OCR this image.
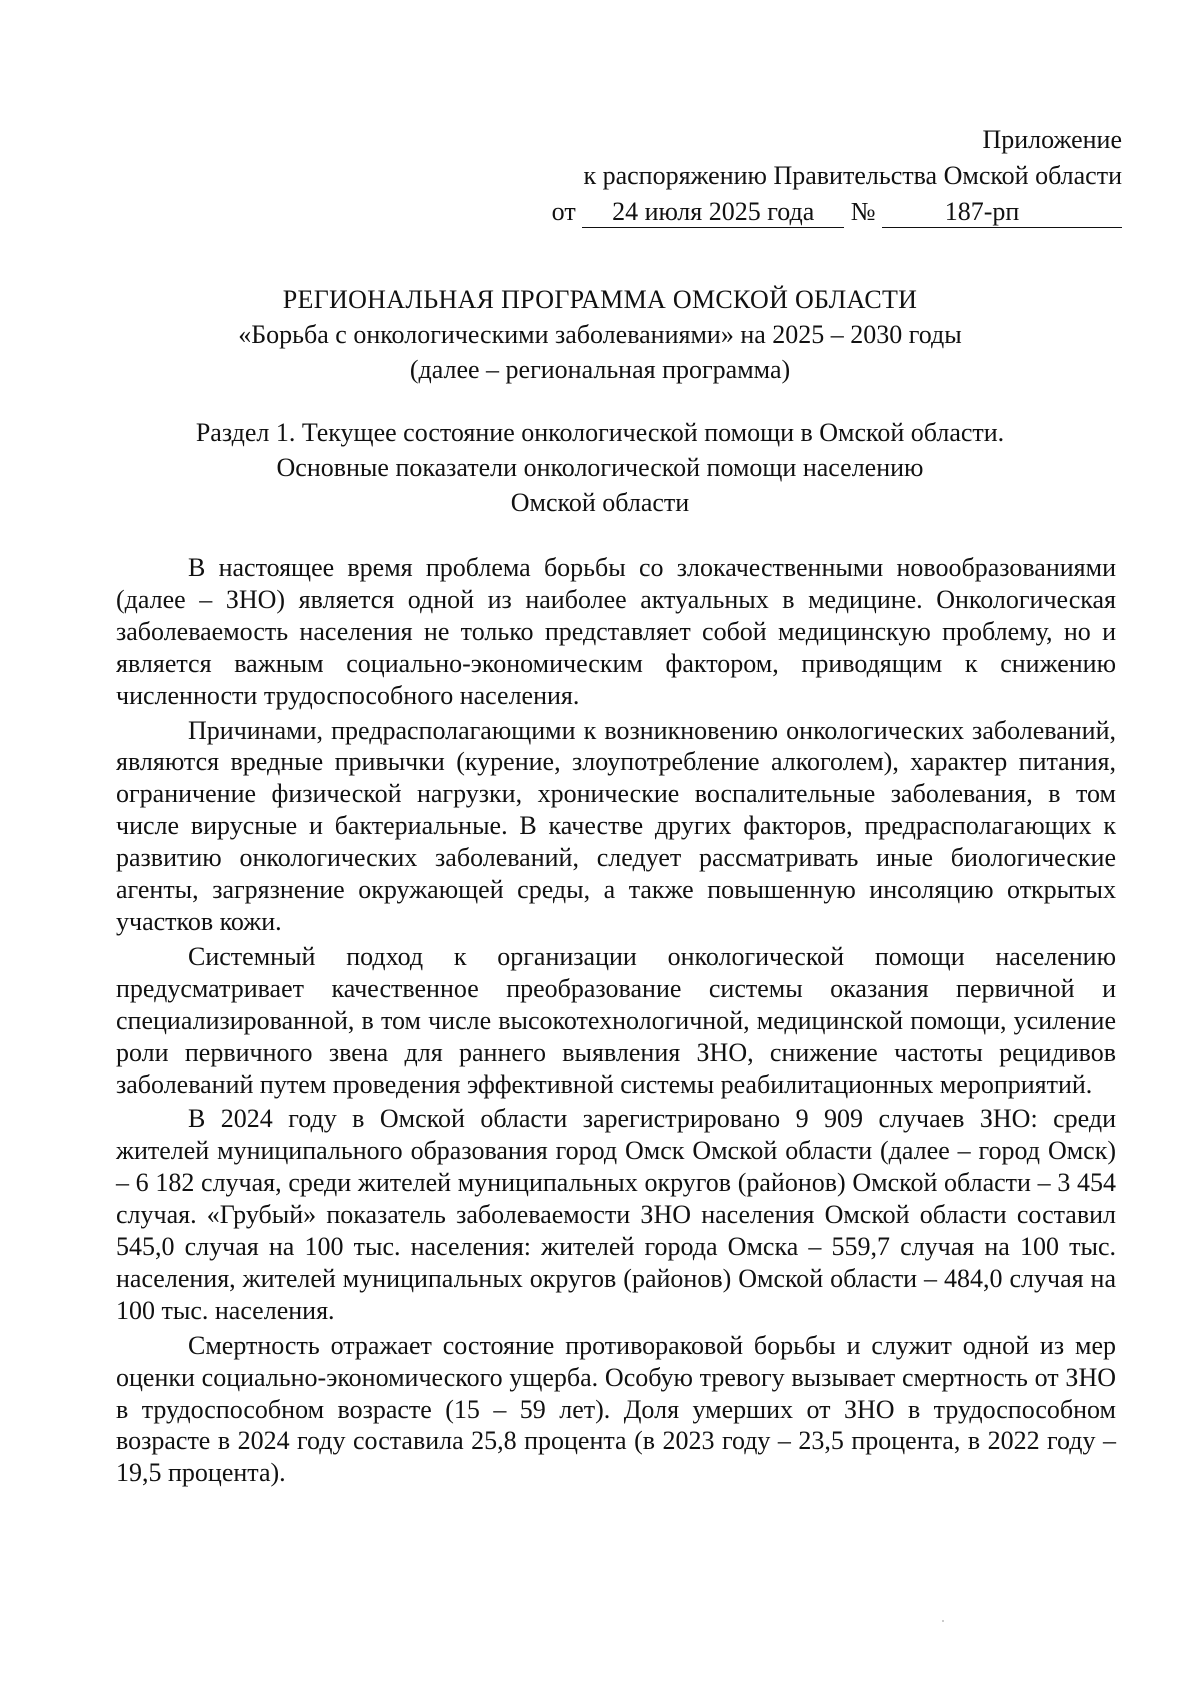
Приложение
к распоряжению Правительства Омской области
от 24 июля 2025 года №	187-рп
РЕГИОНАЛЬНАЯ ПРОГРАММА ОМСКОЙ ОБЛАСТИ
«Борьба с онкологическими заболеваниями» на 2025 – 2030 годы
(далее – региональная программа)
Раздел 1. Текущее состояние онкологической помощи в Омской области.
Основные показатели онкологической помощи населению
Омской области

В настоящее время проблема борьбы со злокачественными новообразованиями (далее – ЗНО) является одной из наиболее актуальных в медицине. Онкологическая заболеваемость населения не только представляет собой медицинскую проблему, но и является важным социально-экономическим фактором, приводящим к снижению численности трудоспособного населения.

Причинами, предрасполагающими к возникновению онкологических заболеваний, являются вредные привычки (курение, злоупотребление алкоголем), характер питания, ограничение физической нагрузки, хронические воспалительные заболевания, в том числе вирусные и бактериальные. В качестве других факторов, предрасполагающих к развитию онкологических заболеваний, следует рассматривать иные биологические агенты, загрязнение окружающей среды, а также повышенную инсоляцию открытых участков кожи.

Системный подход к организации онкологической помощи населению предусматривает качественное преобразование системы оказания первичной и специализированной, в том числе высокотехнологичной, медицинской помощи, усиление роли первичного звена для раннего выявления ЗНО, снижение частоты рецидивов заболеваний путем проведения эффективной системы реабилитационных мероприятий.

В 2024 году в Омской области зарегистрировано 9 909 случаев ЗНО: среди жителей муниципального образования город Омск Омской области (далее – город Омск) – 6 182 случая, среди жителей муниципальных округов (районов) Омской области – 3 454 случая. «Грубый» показатель заболеваемости ЗНО населения Омской области составил 545,0 случая на 100 тыс. населения: жителей города Омска – 559,7 случая на 100 тыс. населения, жителей муниципальных округов (районов) Омской области – 484,0 случая на 100 тыс. населения.

Смертность отражает состояние противораковой борьбы и служит одной из мер оценки социально-экономического ущерба. Особую тревогу вызывает смертность от ЗНО в трудоспособном возрасте (15 – 59 лет). Доля умерших от ЗНО в трудоспособном возрасте в 2024 году составила 25,8 процента (в 2023 году – 23,5 процента, в 2022 году – 19,5 процента).
